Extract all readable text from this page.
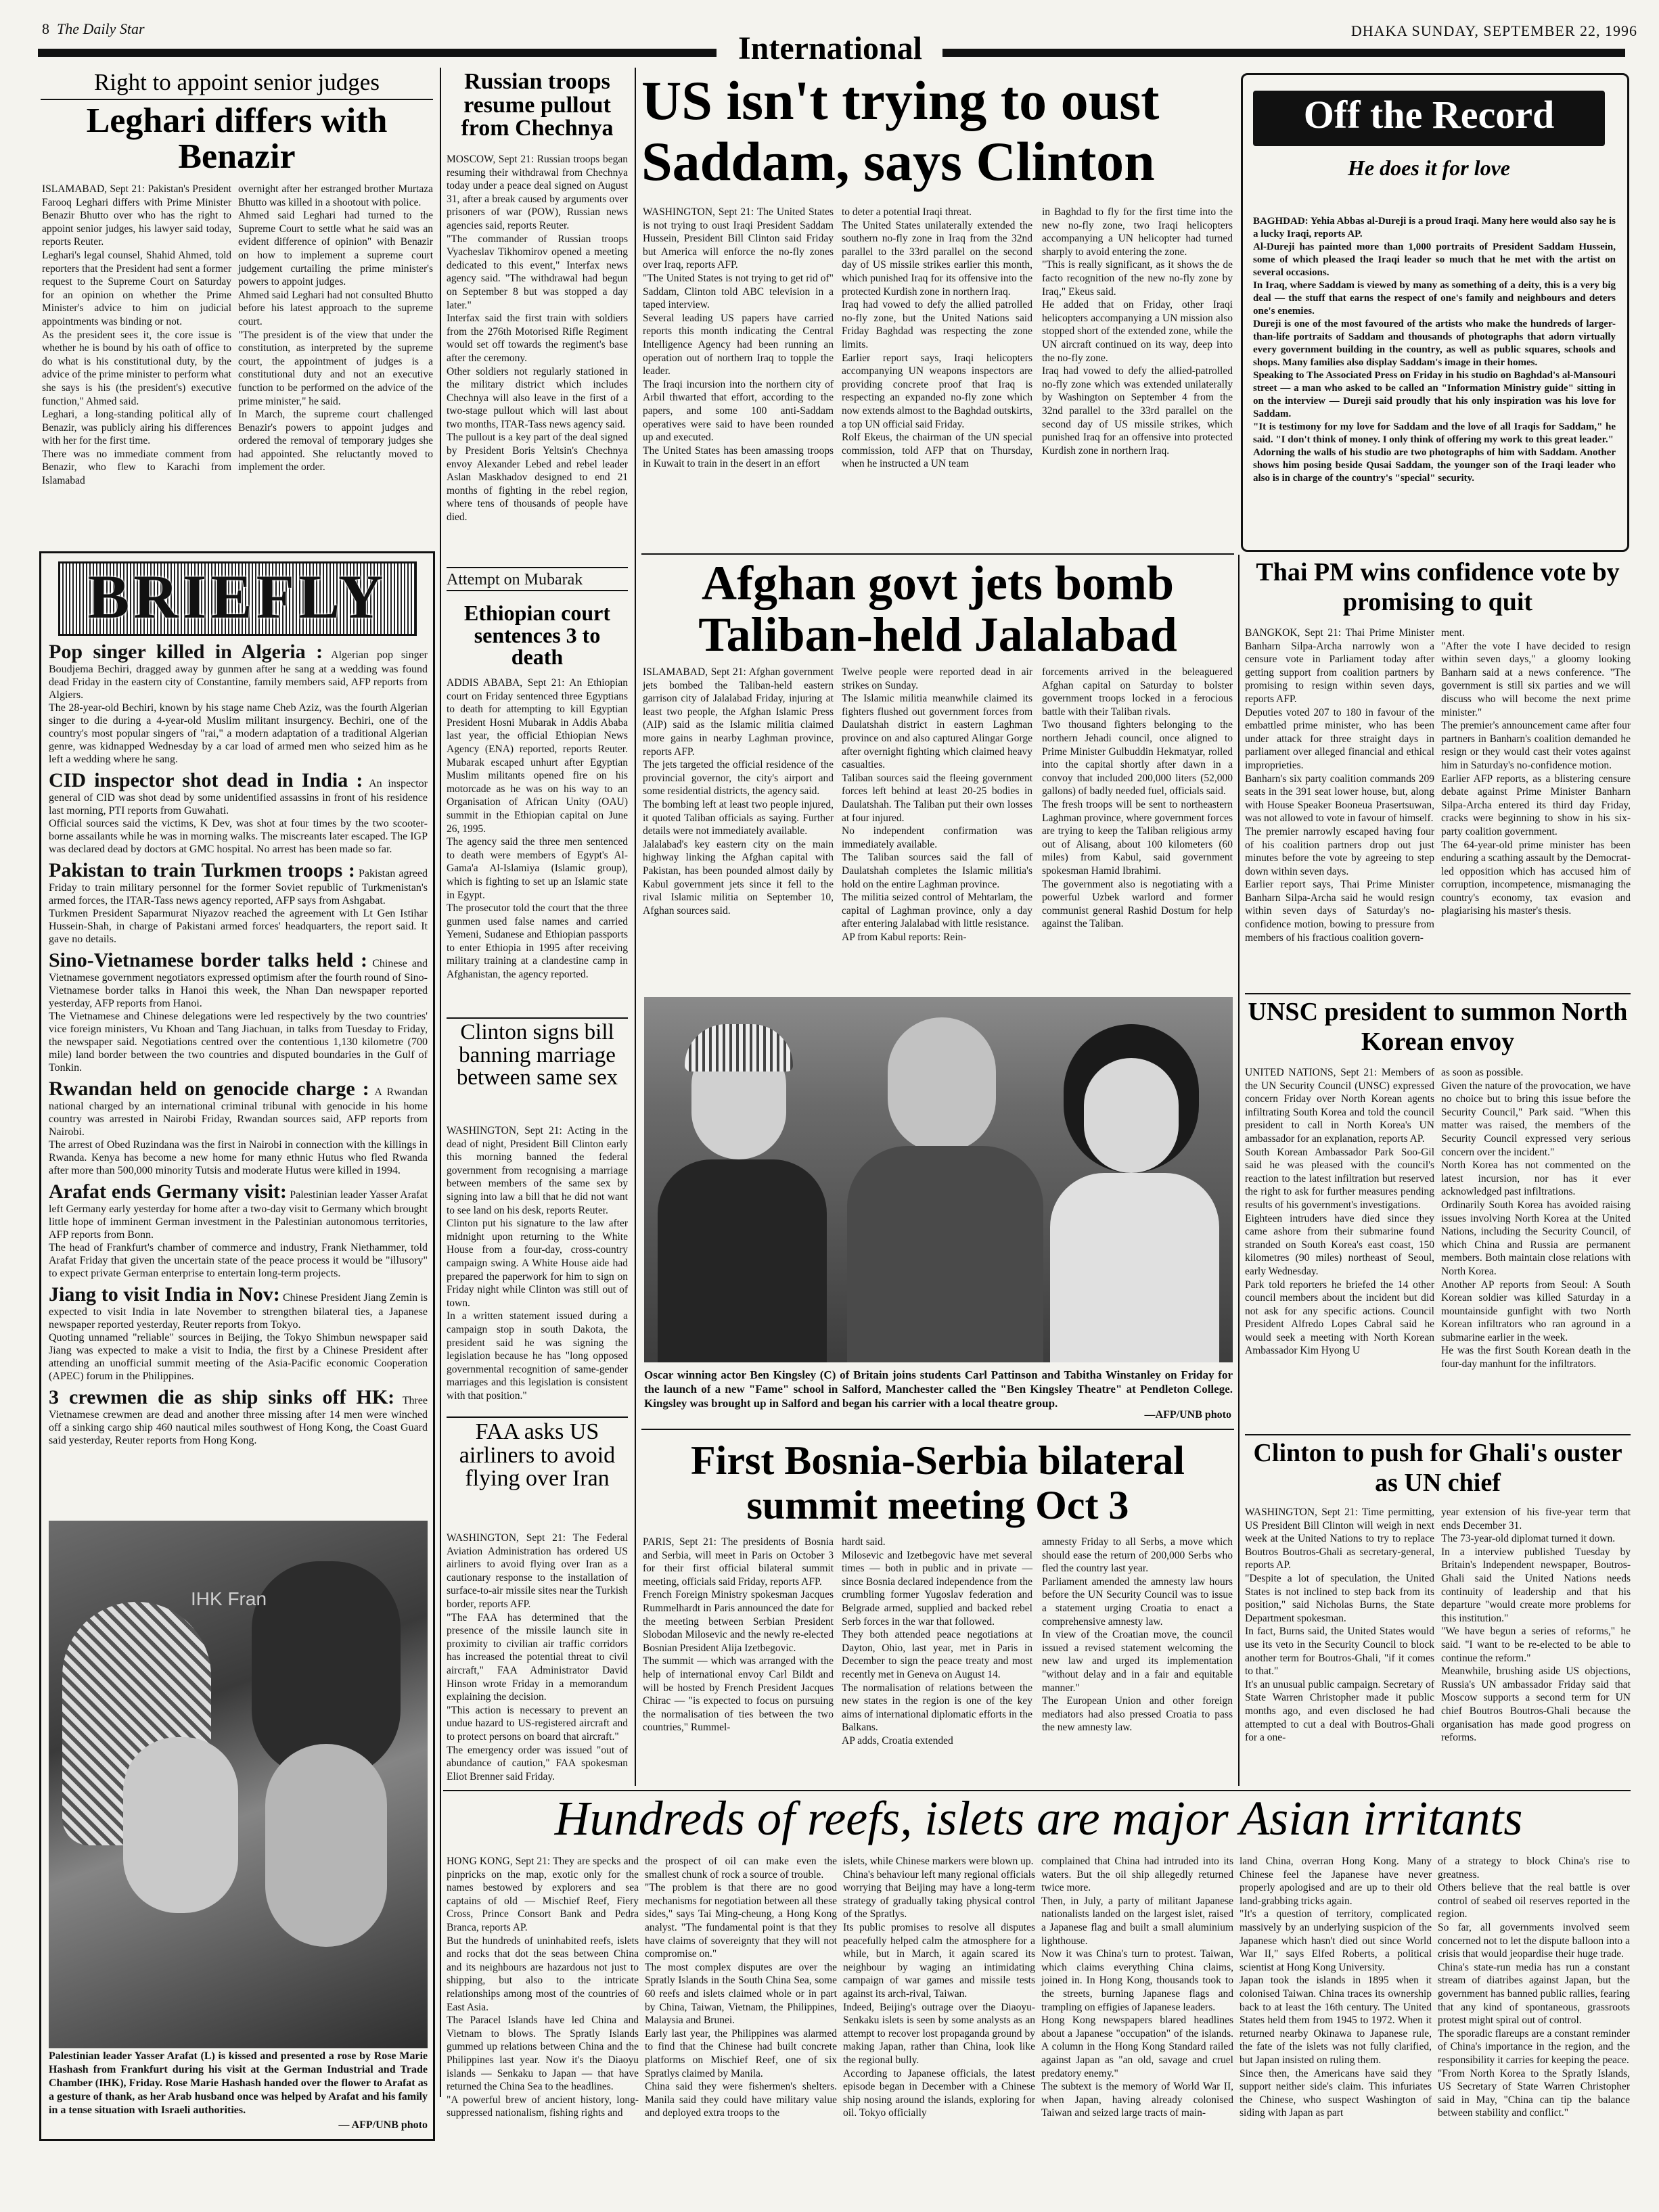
8 The Daily Star	DHAKA SUNDAY, SEPTEMBER 22, 1996
International
Right to appoint senior judges
Leghari differs with Benazir
ISLAMABAD, Sept 21: Pakistan's President Farooq Leghari differs with Prime Minister Benazir Bhutto over who has the right to appoint senior judges, his lawyer said today, reports Reuter.
Leghari's legal counsel, Shahid Ahmed, told reporters that the President had sent a former request to the Supreme Court on Saturday for an opinion on whether the Prime Minister's advice to him on judicial appointments was binding or not.
As the president sees it, the core issue is whether he is bound by his oath of office to do what is his constitutional duty, by the advice of the prime minister to perform what she says is his (the president's) executive function," Ahmed said.
Leghari, a long-standing political ally of Benazir, was publicly airing his differences with her for the first time.
There was no immediate comment from Benazir, who flew to Karachi from Islamabad
overnight after her estranged brother Murtaza Bhutto was killed in a shootout with police.
Ahmed said Leghari had turned to the Supreme Court to settle what he said was an evident difference of opinion" with Benazir on how to implement a supreme court judgement curtailing the prime minister's powers to appoint judges.
Ahmed said Leghari had not consulted Bhutto before his latest approach to the supreme court.
"The president is of the view that under the constitution, as interpreted by the supreme court, the appointment of judges is a constitutional duty and not an executive function to be performed on the advice of the prime minister," he said.
In March, the supreme court challenged Benazir's powers to appoint judges and ordered the removal of temporary judges she had appointed. She reluctantly moved to implement the order.
BRIEFLY
Pop singer killed in Algeria : Algerian pop singer Boudjema Bechiri, dragged away by gunmen after he sang at a wedding was found dead Friday in the eastern city of Constantine, family members said, AFP reports from Algiers.
The 28-year-old Bechiri, known by his stage name Cheb Aziz, was the fourth Algerian singer to die during a 4-year-old Muslim militant insurgency. Bechiri, one of the country's most popular singers of "rai," a modern adaptation of a traditional Algerian genre, was kidnapped Wednesday by a car load of armed men who seized him as he left a wedding where he sang.
CID inspector shot dead in India : An inspector general of CID was shot dead by some unidentified assassins in front of his residence last morning, PTI reports from Guwahati.
Official sources said the victims, K Dev, was shot at four times by the two scooter-borne assailants while he was in morning walks. The miscreants later escaped. The IGP was declared dead by doctors at GMC hospital. No arrest has been made so far.
Pakistan to train Turkmen troops : Pakistan agreed Friday to train military personnel for the former Soviet republic of Turkmenistan's armed forces, the ITAR-Tass news agency reported, AFP says from Ashgabat.
Turkmen President Saparmurat Niyazov reached the agreement with Lt Gen Istihar Hussein-Shah, in charge of Pakistani armed forces' headquarters, the report said. It gave no details.
Sino-Vietnamese border talks held : Chinese and Vietnamese government negotiators expressed optimism after the fourth round of Sino-Vietnamese border talks in Hanoi this week, the Nhan Dan newspaper reported yesterday, AFP reports from Hanoi.
The Vietnamese and Chinese delegations were led respectively by the two countries' vice foreign ministers, Vu Khoan and Tang Jiachuan, in talks from Tuesday to Friday, the newspaper said. Negotiations centred over the contentious 1,130 kilometre (700 mile) land border between the two countries and disputed boundaries in the Gulf of Tonkin.
Rwandan held on genocide charge : A Rwandan national charged by an international criminal tribunal with genocide in his home country was arrested in Nairobi Friday, Rwandan sources said, AFP reports from Nairobi.
The arrest of Obed Ruzindana was the first in Nairobi in connection with the killings in Rwanda. Kenya has become a new home for many ethnic Hutus who fled Rwanda after more than 500,000 minority Tutsis and moderate Hutus were killed in 1994.
Arafat ends Germany visit: Palestinian leader Yasser Arafat left Germany early yesterday for home after a two-day visit to Germany which brought little hope of imminent German investment in the Palestinian autonomous territories, AFP reports from Bonn.
The head of Frankfurt's chamber of commerce and industry, Frank Niethammer, told Arafat Friday that given the uncertain state of the peace process it would be "illusory" to expect private German enterprise to entertain long-term projects.
Jiang to visit India in Nov: Chinese President Jiang Zemin is expected to visit India in late November to strengthen bilateral ties, a Japanese newspaper reported yesterday, Reuter reports from Tokyo.
Quoting unnamed "reliable" sources in Beijing, the Tokyo Shimbun newspaper said Jiang was expected to make a visit to India, the first by a Chinese President after attending an unofficial summit meeting of the Asia-Pacific economic Cooperation (APEC) forum in the Philippines.
3 crewmen die as ship sinks off HK: Three Vietnamese crewmen are dead and another three missing after 14 men were winched off a sinking cargo ship 460 nautical miles southwest of Hong Kong, the Coast Guard said yesterday, Reuter reports from Hong Kong.
IHK Fran
Palestinian leader Yasser Arafat (L) is kissed and presented a rose by Rose Marie Hashash from Frankfurt during his visit at the German Industrial and Trade Chamber (IHK), Friday. Rose Marie Hashash handed over the flower to Arafat as a gesture of thank, as her Arab husband once was helped by Arafat and his family in a tense situation with Israeli authorities.
— AFP/UNB photo
Russian troops resume pullout from Chechnya
MOSCOW, Sept 21: Russian troops began resuming their withdrawal from Chechnya today under a peace deal signed on August 31, after a break caused by arguments over prisoners of war (POW), Russian news agencies said, reports Reuter.
"The commander of Russian troops Vyacheslav Tikhomirov opened a meeting dedicated to this event," Interfax news agency said. "The withdrawal had begun on September 8 but was stopped a day later."
Interfax said the first train with soldiers from the 276th Motorised Rifle Regiment would set off towards the regiment's base after the ceremony.
Other soldiers not regularly stationed in the military district which includes Chechnya will also leave in the first of a two-stage pullout which will last about two months, ITAR-Tass news agency said.
The pullout is a key part of the deal signed by President Boris Yeltsin's Chechnya envoy Alexander Lebed and rebel leader Aslan Maskhadov designed to end 21 months of fighting in the rebel region, where tens of thousands of people have died.
Attempt on Mubarak
Ethiopian court sentences 3 to death
ADDIS ABABA, Sept 21: An Ethiopian court on Friday sentenced three Egyptians to death for attempting to kill Egyptian President Hosni Mubarak in Addis Ababa last year, the official Ethiopian News Agency (ENA) reported, reports Reuter. Mubarak escaped unhurt after Egyptian Muslim militants opened fire on his motorcade as he was on his way to an Organisation of African Unity (OAU) summit in the Ethiopian capital on June 26, 1995.
The agency said the three men sentenced to death were members of Egypt's Al-Gama'a Al-Islamiya (Islamic group), which is fighting to set up an Islamic state in Egypt.
The prosecutor told the court that the three gunmen used false names and carried Yemeni, Sudanese and Ethiopian passports to enter Ethiopia in 1995 after receiving military training at a clandestine camp in Afghanistan, the agency reported.
Clinton signs bill banning marriage between same sex
WASHINGTON, Sept 21: Acting in the dead of night, President Bill Clinton early this morning banned the federal government from recognising a marriage between members of the same sex by signing into law a bill that he did not want to see land on his desk, reports Reuter.
Clinton put his signature to the law after midnight upon returning to the White House from a four-day, cross-country campaign swing. A White House aide had prepared the paperwork for him to sign on Friday night while Clinton was still out of town.
In a written statement issued during a campaign stop in south Dakota, the president said he was signing the legislation because he has "long opposed governmental recognition of same-gender marriages and this legislation is consistent with that position."
FAA asks US airliners to avoid flying over Iran
WASHINGTON, Sept 21: The Federal Aviation Administration has ordered US airliners to avoid flying over Iran as a cautionary response to the installation of surface-to-air missile sites near the Turkish border, reports AFP.
"The FAA has determined that the presence of the missile launch site in proximity to civilian air traffic corridors has increased the potential threat to civil aircraft," FAA Administrator David Hinson wrote Friday in a memorandum explaining the decision.
"This action is necessary to prevent an undue hazard to US-registered aircraft and to protect persons on board that aircraft."
The emergency order was issued "out of abundance of caution," FAA spokesman Eliot Brenner said Friday.
US isn't trying to oust Saddam, says Clinton
WASHINGTON, Sept 21: The United States is not trying to oust Iraqi President Saddam Hussein, President Bill Clinton said Friday but America will enforce the no-fly zones over Iraq, reports AFP.
"The United States is not trying to get rid of" Saddam, Clinton told ABC television in a taped interview.
Several leading US papers have carried reports this month indicating the Central Intelligence Agency had been running an operation out of northern Iraq to topple the leader.
The Iraqi incursion into the northern city of Arbil thwarted that effort, according to the papers, and some 100 anti-Saddam operatives were said to have been rounded up and executed.
The United States has been amassing troops in Kuwait to train in the desert in an effort
to deter a potential Iraqi threat.
The United States unilaterally extended the southern no-fly zone in Iraq from the 32nd parallel to the 33rd parallel on the second day of US missile strikes earlier this month, which punished Iraq for its offensive into the protected Kurdish zone in northern Iraq.
Iraq had vowed to defy the allied patrolled no-fly zone, but the United Nations said Friday Baghdad was respecting the zone limits.
Earlier report says, Iraqi helicopters accompanying UN weapons inspectors are providing concrete proof that Iraq is respecting an expanded no-fly zone which now extends almost to the Baghdad outskirts, a top UN official said Friday.
Rolf Ekeus, the chairman of the UN special commission, told AFP that on Thursday, when he instructed a UN team
in Baghdad to fly for the first time into the new no-fly zone, two Iraqi helicopters accompanying a UN helicopter had turned sharply to avoid entering the zone.
"This is really significant, as it shows the de facto recognition of the new no-fly zone by Iraq," Ekeus said.
He added that on Friday, other Iraqi helicopters accompanying a UN mission also stopped short of the extended zone, while the UN aircraft continued on its way, deep into the no-fly zone.
Iraq had vowed to defy the allied-patrolled no-fly zone which was extended unilaterally by Washington on September 4 from the 32nd parallel to the 33rd parallel on the second day of US missile strikes, which punished Iraq for an offensive into protected Kurdish zone in northern Iraq.
Off the Record
He does it for love
BAGHDAD: Yehia Abbas al-Dureji is a proud Iraqi. Many here would also say he is a lucky Iraqi, reports AP.
Al-Dureji has painted more than 1,000 portraits of President Saddam Hussein, some of which pleased the Iraqi leader so much that he met with the artist on several occasions.
In Iraq, where Saddam is viewed by many as something of a deity, this is a very big deal — the stuff that earns the respect of one's family and neighbours and deters one's enemies.
Dureji is one of the most favoured of the artists who make the hundreds of larger-than-life portraits of Saddam and thousands of photographs that adorn virtually every government building in the country, as well as public squares, schools and shops. Many families also display Saddam's image in their homes.
Speaking to The Associated Press on Friday in his studio on Baghdad's al-Mansouri street — a man who asked to be called an "Information Ministry guide" sitting in on the interview — Dureji said proudly that his only inspiration was his love for Saddam.
"It is testimony for my love for Saddam and the love of all Iraqis for Saddam," he said. "I don't think of money. I only think of offering my work to this great leader."
Adorning the walls of his studio are two photographs of him with Saddam. Another shows him posing beside Qusai Saddam, the younger son of the Iraqi leader who also is in charge of the country's "special" security.
Afghan govt jets bomb Taliban-held Jalalabad
ISLAMABAD, Sept 21: Afghan government jets bombed the Taliban-held eastern garrison city of Jalalabad Friday, injuring at least two people, the Afghan Islamic Press (AIP) said as the Islamic militia claimed more gains in nearby Laghman province, reports AFP.
The jets targeted the official residence of the provincial governor, the city's airport and some residential districts, the agency said.
The bombing left at least two people injured, it quoted Taliban officials as saying. Further details were not immediately available.
Jalalabad's key eastern city on the main highway linking the Afghan capital with Pakistan, has been pounded almost daily by Kabul government jets since it fell to the rival Islamic militia on September 10, Afghan sources said.
Twelve people were reported dead in air strikes on Sunday.
The Islamic militia meanwhile claimed its fighters flushed out government forces from Daulatshah district in eastern Laghman province on and also captured Alingar Gorge after overnight fighting which claimed heavy casualties.
Taliban sources said the fleeing government forces left behind at least 20-25 bodies in Daulatshah. The Taliban put their own losses at four injured.
No independent confirmation was immediately available.
The Taliban sources said the fall of Daulatshah completes the Islamic militia's hold on the entire Laghman province.
The militia seized control of Mehtarlam, the capital of Laghman province, only a day after entering Jalalabad with little resistance.
AP from Kabul reports: Rein-
forcements arrived in the beleaguered Afghan capital on Saturday to bolster government troops locked in a ferocious battle with their Taliban rivals.
Two thousand fighters belonging to the northern Jehadi council, once aligned to Prime Minister Gulbuddin Hekmatyar, rolled into the capital shortly after dawn in a convoy that included 200,000 liters (52,000 gallons) of badly needed fuel, officials said.
The fresh troops will be sent to northeastern Laghman province, where government forces are trying to keep the Taliban religious army out of Alisang, about 100 kilometers (60 miles) from Kabul, said government spokesman Hamid Ibrahimi.
The government also is negotiating with a powerful Uzbek warlord and former communist general Rashid Dostum for help against the Taliban.
Oscar winning actor Ben Kingsley (C) of Britain joins students Carl Pattinson and Tabitha Winstanley on Friday for the launch of a new "Fame" school in Salford, Manchester called the "Ben Kingsley Theatre" at Pendleton College. Kingsley was brought up in Salford and began his carrier with a local theatre group.
—AFP/UNB photo
First Bosnia-Serbia bilateral summit meeting Oct 3
PARIS, Sept 21: The presidents of Bosnia and Serbia, will meet in Paris on October 3 for their first official bilateral summit meeting, officials said Friday, reports AFP.
French Foreign Ministry spokesman Jacques Rummelhardt in Paris announced the date for the meeting between Serbian President Slobodan Milosevic and the newly re-elected Bosnian President Alija Izetbegovic.
The summit — which was arranged with the help of international envoy Carl Bildt and will be hosted by French President Jacques Chirac — "is expected to focus on pursuing the normalisation of ties between the two countries," Rummel-
hardt said.
Milosevic and Izetbegovic have met several times — both in public and in private — since Bosnia declared independence from the crumbling former Yugoslav federation and Belgrade armed, supplied and backed rebel Serb forces in the war that followed.
They both attended peace negotiations at Dayton, Ohio, last year, met in Paris in December to sign the peace treaty and most recently met in Geneva on August 14.
The normalisation of relations between the new states in the region is one of the key aims of international diplomatic efforts in the Balkans.
AP adds, Croatia extended
amnesty Friday to all Serbs, a move which should ease the return of 200,000 Serbs who fled the country last year.
Parliament amended the amnesty law hours before the UN Security Council was to issue a statement urging Croatia to enact a comprehensive amnesty law.
In view of the Croatian move, the council issued a revised statement welcoming the new law and urged its implementation "without delay and in a fair and equitable manner."
The European Union and other foreign mediators had also pressed Croatia to pass the new amnesty law.
Thai PM wins confidence vote by promising to quit
BANGKOK, Sept 21: Thai Prime Minister Banharn Silpa-Archa narrowly won a censure vote in Parliament today after getting support from coalition partners by promising to resign within seven days, reports AFP.
Deputies voted 207 to 180 in favour of the embattled prime minister, who has been under attack for three straight days in parliament over alleged financial and ethical improprieties.
Banharn's six party coalition commands 209 seats in the 391 seat lower house, but, along with House Speaker Booneua Prasertsuwan, was not allowed to vote in favour of himself.
The premier narrowly escaped having four of his coalition partners drop out just minutes before the vote by agreeing to step down within seven days.
Earlier report says, Thai Prime Minister Banharn Silpa-Archa said he would resign within seven days of Saturday's no-confidence motion, bowing to pressure from members of his fractious coalition govern-
ment.
"After the vote I have decided to resign within seven days," a gloomy looking Banharn said at a news conference. "The government is still six parties and we will discuss who will become the next prime minister."
The premier's announcement came after four partners in Banharn's coalition demanded he resign or they would cast their votes against him in Saturday's no-confidence motion.
Earlier AFP reports, as a blistering censure debate against Prime Minister Banharn Silpa-Archa entered its third day Friday, cracks were beginning to show in his six-party coalition government.
The 64-year-old prime minister has been enduring a scathing assault by the Democrat-led opposition which has accused him of corruption, incompetence, mismanaging the country's economy, tax evasion and plagiarising his master's thesis.
UNSC president to summon North Korean envoy
UNITED NATIONS, Sept 21: Members of the UN Security Council (UNSC) expressed concern Friday over North Korean agents infiltrating South Korea and told the council president to call in North Korea's UN ambassador for an explanation, reports AP.
South Korean Ambassador Park Soo-Gil said he was pleased with the council's reaction to the latest infiltration but reserved the right to ask for further measures pending results of his government's investigations.
Eighteen intruders have died since they came ashore from their submarine found stranded on South Korea's east coast, 150 kilometres (90 miles) northeast of Seoul, early Wednesday.
Park told reporters he briefed the 14 other council members about the incident but did not ask for any specific actions. Council President Alfredo Lopes Cabral said he would seek a meeting with North Korean Ambassador Kim Hyong U
as soon as possible.
Given the nature of the provocation, we have no choice but to bring this issue before the Security Council," Park said. "When this matter was raised, the members of the Security Council expressed very serious concern over the incident."
North Korea has not commented on the latest incursion, nor has it ever acknowledged past infiltrations.
Ordinarily South Korea has avoided raising issues involving North Korea at the United Nations, including the Security Council, of which China and Russia are permanent members. Both maintain close relations with North Korea.
Another AP reports from Seoul: A South Korean soldier was killed Saturday in a mountainside gunfight with two North Korean infiltrators who ran aground in a submarine earlier in the week.
He was the first South Korean death in the four-day manhunt for the infiltrators.
Clinton to push for Ghali's ouster as UN chief
WASHINGTON, Sept 21: Time permitting, US President Bill Clinton will weigh in next week at the United Nations to try to replace Boutros Boutros-Ghali as secretary-general, reports AP.
"Despite a lot of speculation, the United States is not inclined to step back from its position," said Nicholas Burns, the State Department spokesman.
In fact, Burns said, the United States would use its veto in the Security Council to block another term for Boutros-Ghali, "if it comes to that."
It's an unusual public campaign. Secretary of State Warren Christopher made it public months ago, and even disclosed he had attempted to cut a deal with Boutros-Ghali for a one-
year extension of his five-year term that ends December 31.
The 73-year-old diplomat turned it down.
In a interview published Tuesday by Britain's Independent newspaper, Boutros-Ghali said the United Nations needs continuity of leadership and that his departure "would create more problems for this institution."
"We have begun a series of reforms," he said. "I want to be re-elected to be able to continue the reform."
Meanwhile, brushing aside US objections, Russia's UN ambassador Friday said that Moscow supports a second term for UN chief Boutros Boutros-Ghali because the organisation has made good progress on reforms.
Hundreds of reefs, islets are major Asian irritants
HONG KONG, Sept 21: They are specks and pinpricks on the map, exotic only for the names bestowed by explorers and sea captains of old — Mischief Reef, Fiery Cross, Prince Consort Bank and Pedra Branca, reports AP.
But the hundreds of uninhabited reefs, islets and rocks that dot the seas between China and its neighbours are hazardous not just to shipping, but also to the intricate relationships among most of the countries of East Asia.
The Paracel Islands have led China and Vietnam to blows. The Spratly Islands gummed up relations between China and the Philippines last year. Now it's the Diaoyu islands — Senkaku to Japan — that have returned the China Sea to the headlines.
"A powerful brew of ancient history, long-suppressed nationalism, fishing rights and
the prospect of oil can make even the smallest chunk of rock a source of trouble.
"The problem is that there are no good mechanisms for negotiation between all these sides," says Tai Ming-cheung, a Hong Kong analyst. "The fundamental point is that they have claims of sovereignty that they will not compromise on."
The most complex disputes are over the Spratly Islands in the South China Sea, some 60 reefs and islets claimed whole or in part by China, Taiwan, Vietnam, the Philippines, Malaysia and Brunei.
Early last year, the Philippines was alarmed to find that the Chinese had built concrete platforms on Mischief Reef, one of six Spratlys claimed by Manila.
China said they were fishermen's shelters. Manila said they could have military value and deployed extra troops to the
islets, while Chinese markers were blown up.
China's behaviour left many regional officials worrying that Beijing may have a long-term strategy of gradually taking physical control of the Spratlys.
Its public promises to resolve all disputes peacefully helped calm the atmosphere for a while, but in March, it again scared its neighbour by waging an intimidating campaign of war games and missile tests against its arch-rival, Taiwan.
Indeed, Beijing's outrage over the Diaoyu-Senkaku islets is seen by some analysts as an attempt to recover lost propaganda ground by making Japan, rather than China, look like the regional bully.
According to Japanese officials, the latest episode began in December with a Chinese ship nosing around the islands, exploring for oil. Tokyo officially
complained that China had intruded into its waters. But the oil ship allegedly returned twice more.
Then, in July, a party of militant Japanese nationalists landed on the largest islet, raised a Japanese flag and built a small aluminium lighthouse.
Now it was China's turn to protest. Taiwan, which claims everything China claims, joined in. In Hong Kong, thousands took to the streets, burning Japanese flags and trampling on effigies of Japanese leaders.
Hong Kong newspapers blared headlines about a Japanese "occupation" of the islands. A column in the Hong Kong Standard railed against Japan as "an old, savage and cruel predatory enemy."
The subtext is the memory of World War II, when Japan, having already colonised Taiwan and seized large tracts of main-
land China, overran Hong Kong. Many Chinese feel the Japanese have never properly apologised and are up to their old land-grabbing tricks again.
"It's a question of territory, complicated massively by an underlying suspicion of the Japanese which hasn't died out since World War II," says Elfed Roberts, a political scientist at Hong Kong University.
Japan took the islands in 1895 when it colonised Taiwan. China traces its ownership back to at least the 16th century. The United States held them from 1945 to 1972. When it returned nearby Okinawa to Japanese rule, the fate of the islets was not fully clarified, but Japan insisted on ruling them.
Since then, the Americans have said they support neither side's claim. This infuriates the Chinese, who suspect Washington of siding with Japan as part
of a strategy to block China's rise to greatness.
Others believe that the real battle is over control of seabed oil reserves reported in the region.
So far, all governments involved seem concerned not to let the dispute balloon into a crisis that would jeopardise their huge trade.
China's state-run media has run a constant stream of diatribes against Japan, but the government has banned public rallies, fearing that any kind of spontaneous, grassroots protest might spiral out of control.
The sporadic flareups are a constant reminder of China's importance in the region, and the responsibility it carries for keeping the peace.
"From North Korea to the Spratly Islands, US Secretary of State Warren Christopher said in May, "China can tip the balance between stability and conflict."
